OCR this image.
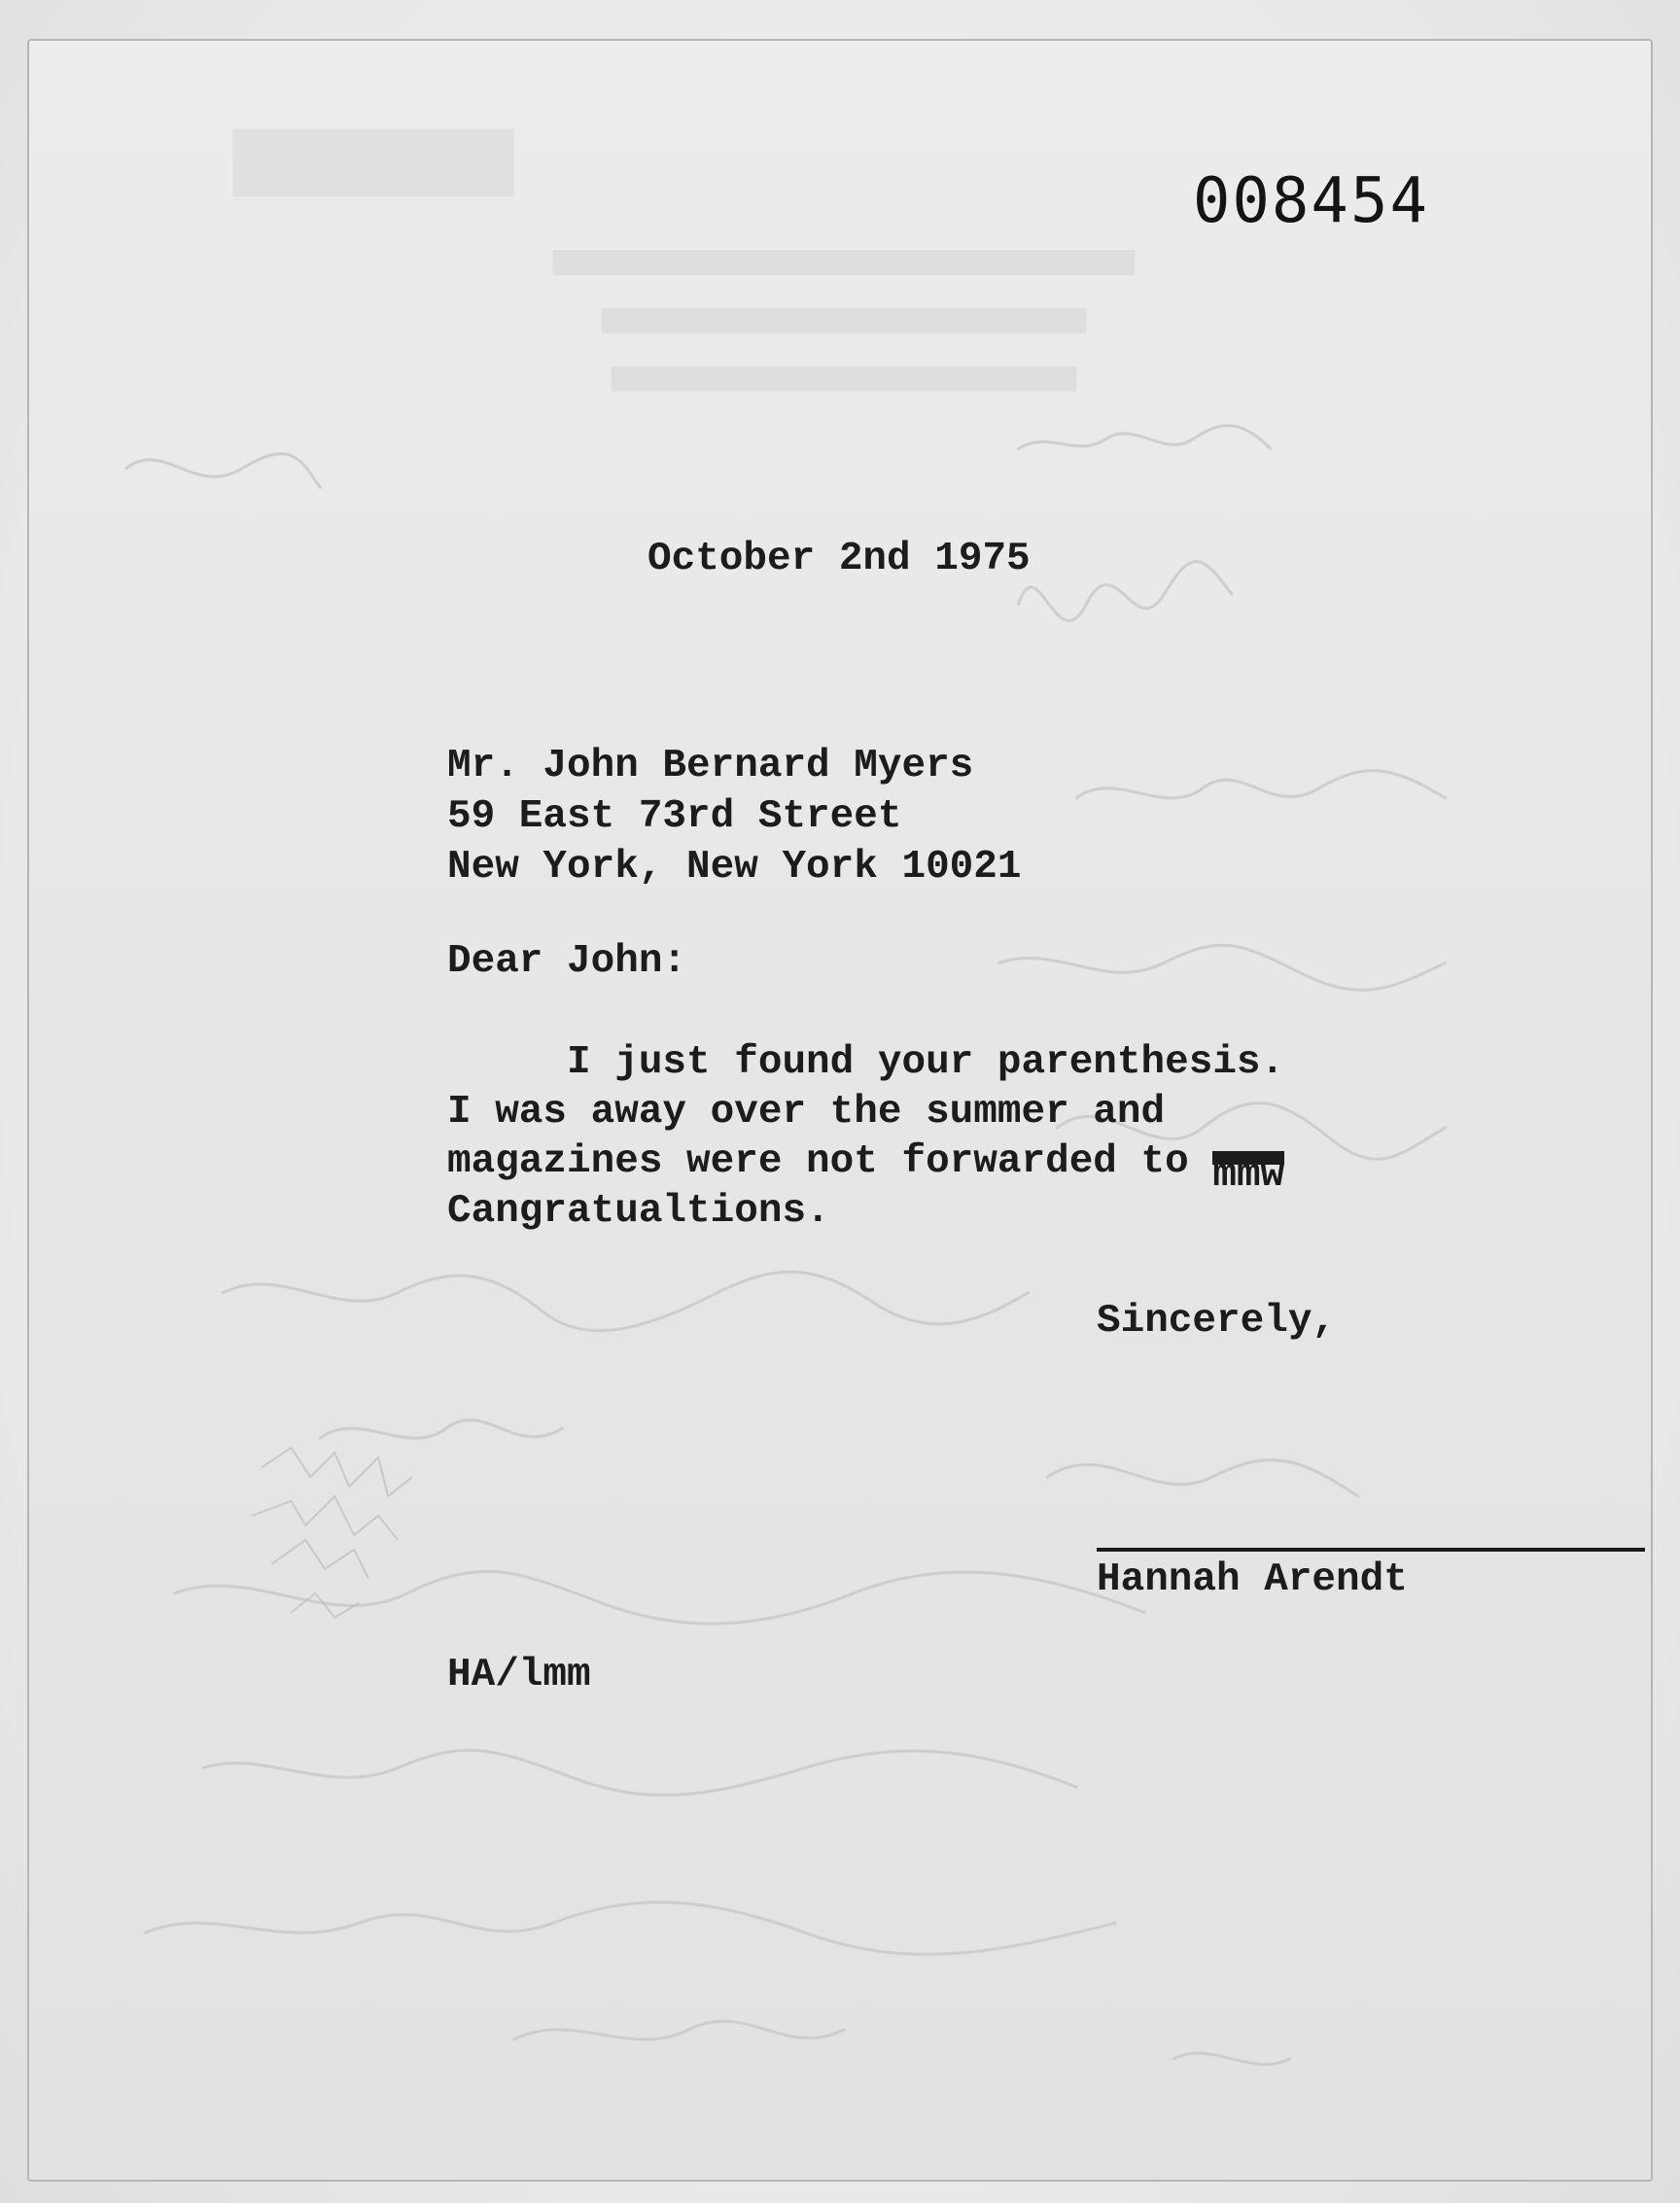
008454
October 2nd 1975
Mr. John Bernard Myers
59 East 73rd Street
New York, New York 10021
Dear John:
I just found your parenthesis.
I was away over the summer and
magazines were not forwarded to mmw
Cangratualtions.
Sincerely,
Hannah Arendt
HA/lmm
